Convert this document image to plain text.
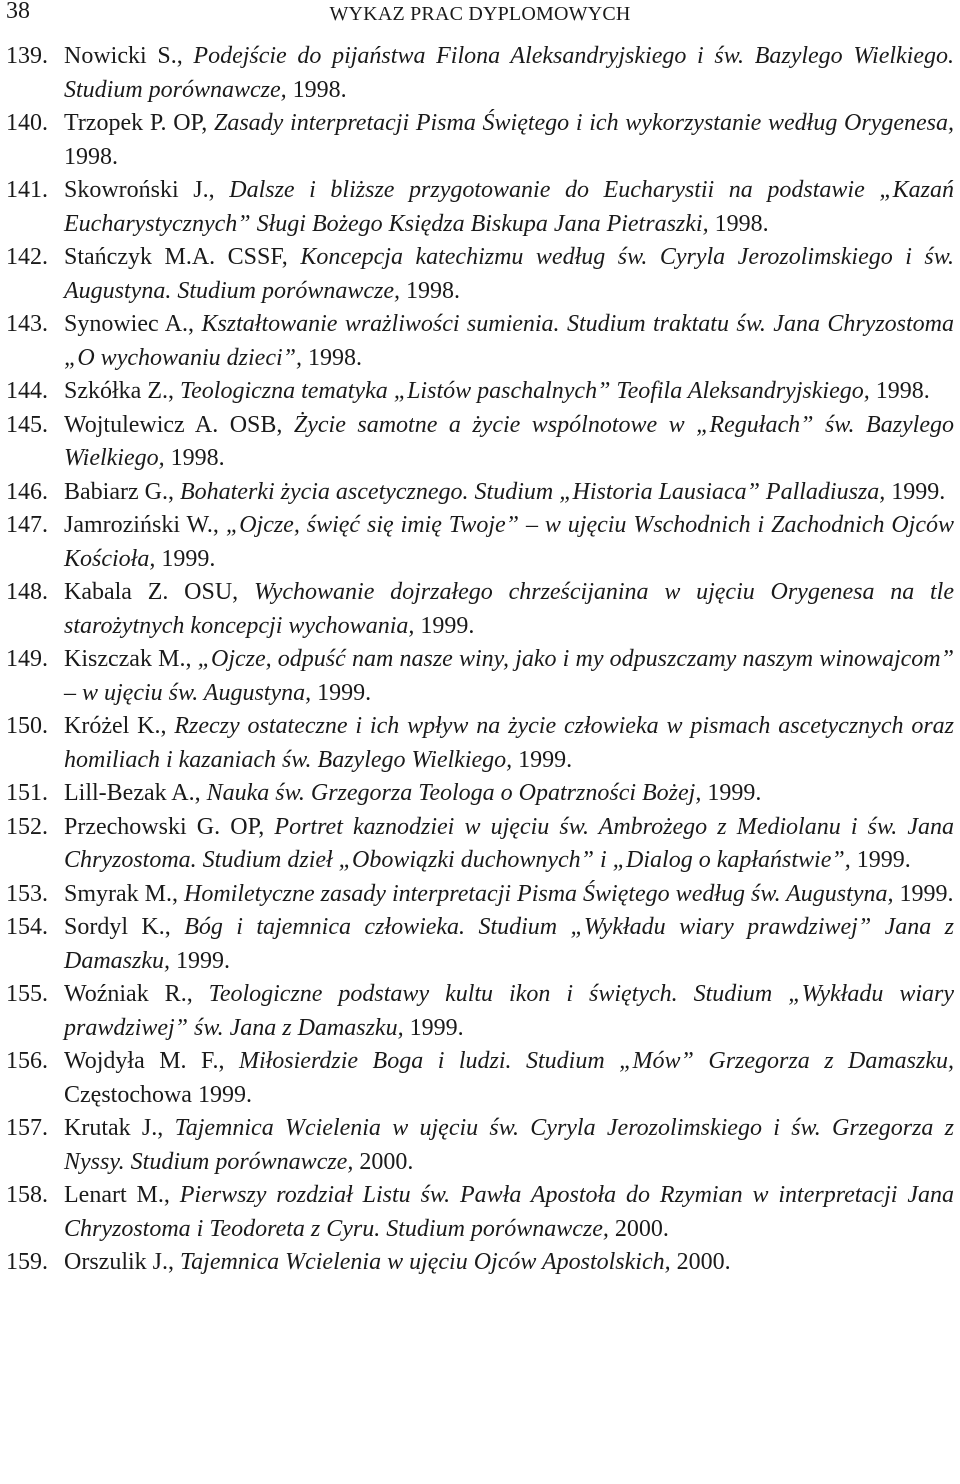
38	WYKAZ PRAC DYPLOMOWYCH
139. Nowicki S., Podejście do pijaństwa Filona Aleksandryjskiego i św. Bazylego Wielkiego. Studium porównawcze, 1998.
140. Trzopek P. OP, Zasady interpretacji Pisma Świętego i ich wykorzystanie według Orygenesa, 1998.
141. Skowroński J., Dalsze i bliższe przygotowanie do Eucharystii na podstawie „Kazań Eucharystycznych” Sługi Bożego Księdza Biskupa Jana Pietraszki, 1998.
142. Stańczyk M.A. CSSF, Koncepcja katechizmu według św. Cyryla Jerozolimskiego i św. Augustyna. Studium porównawcze, 1998.
143. Synowiec A., Kształtowanie wrażliwości sumienia. Studium traktatu św. Jana Chryzostoma „O wychowaniu dzieci”, 1998.
144. Szkółka Z., Teologiczna tematyka „Listów paschalnych” Teofila Aleksandryjskiego, 1998.
145. Wojtulewicz A. OSB, Życie samotne a życie wspólnotowe w „Regułach” św. Bazylego Wielkiego, 1998.
146. Babiarz G., Bohaterki życia ascetycznego. Studium „Historia Lausiaca” Palladiusza, 1999.
147. Jamroziński W., „Ojcze, święć się imię Twoje” – w ujęciu Wschodnich i Zachodnich Ojców Kościoła, 1999.
148. Kabala Z. OSU, Wychowanie dojrzałego chrześcijanina w ujęciu Orygenesa na tle starożytnych koncepcji wychowania, 1999.
149. Kiszczak M., „Ojcze, odpuść nam nasze winy, jako i my odpuszczamy naszym winowajcom” – w ujęciu św. Augustyna, 1999.
150. Króżel K., Rzeczy ostateczne i ich wpływ na życie człowieka w pismach ascetycznych oraz homiliach i kazaniach św. Bazylego Wielkiego, 1999.
151. Lill-Bezak A., Nauka św. Grzegorza Teologa o Opatrzności Bożej, 1999.
152. Przechowski G. OP, Portret kaznodziei w ujęciu św. Ambrożego z Mediolanu i św. Jana Chryzostoma. Studium dzieł „Obowiązki duchownych” i „Dialog o kapłaństwie”, 1999.
153. Smyrak M., Homiletyczne zasady interpretacji Pisma Świętego według św. Augustyna, 1999.
154. Sordyl K., Bóg i tajemnica człowieka. Studium „Wykładu wiary prawdziwej” Jana z Damaszku, 1999.
155. Woźniak R., Teologiczne podstawy kultu ikon i świętych. Studium „Wykładu wiary prawdziwej” św. Jana z Damaszku, 1999.
156. Wojdyła M. F., Miłosierdzie Boga i ludzi. Studium „Mów” Grzegorza z Damaszku, Częstochowa 1999.
157. Krutak J., Tajemnica Wcielenia w ujęciu św. Cyryla Jerozolimskiego i św. Grzegorza z Nyssy. Studium porównawcze, 2000.
158. Lenart M., Pierwszy rozdział Listu św. Pawła Apostoła do Rzymian w interpretacji Jana Chryzostoma i Teodoreta z Cyru. Studium porównawcze, 2000.
159. Orszulik J., Tajemnica Wcielenia w ujęciu Ojców Apostolskich, 2000.
